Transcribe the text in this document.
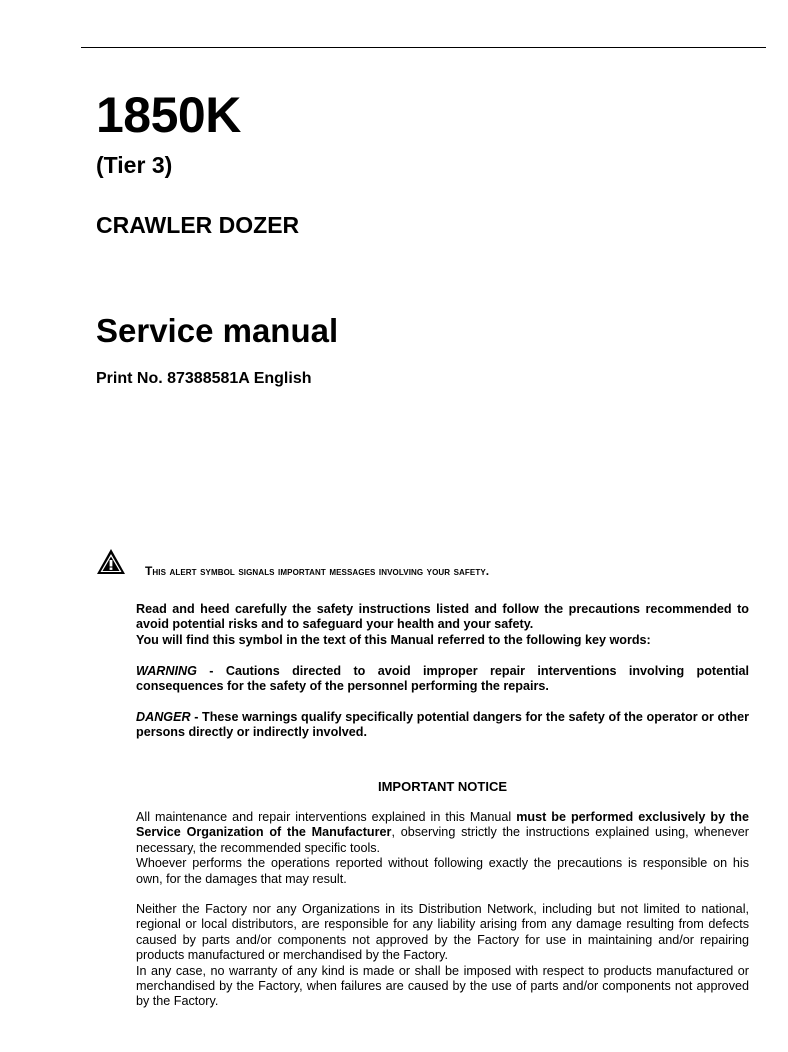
1850K
(Tier 3)
CRAWLER DOZER
Service manual
Print No. 87388581A English
This alert symbol signals important messages involving your safety.

Read and heed carefully the safety instructions listed and follow the precautions recommended to avoid potential risks and to safeguard your health and your safety.

You will find this symbol in the text of this Manual referred to the following key words:

WARNING - Cautions directed to avoid improper repair interventions involving potential consequences for the safety of the personnel performing the repairs.
DANGER - These warnings qualify specifically potential dangers for the safety of the operator or other persons directly or indirectly involved.
IMPORTANT NOTICE

All maintenance and repair interventions explained in this Manual must be performed exclusively by the Service Organization of the Manufacturer, observing strictly the instructions explained using, whenever necessary, the recommended specific tools.

Whoever performs the operations reported without following exactly the precautions is responsible on his own, for the damages that may result.

Neither the Factory nor any Organizations in its Distribution Network, including but not limited to national, regional or local distributors, are responsible for any liability arising from any damage resulting from defects caused by parts and/or components not approved by the Factory for use in maintaining and/or repairing products manufactured or merchandised by the Factory.

In any case, no warranty of any kind is made or shall be imposed with respect to products manufactured or merchandised by the Factory, when failures are caused by the use of parts and/or components not approved by the Factory.
